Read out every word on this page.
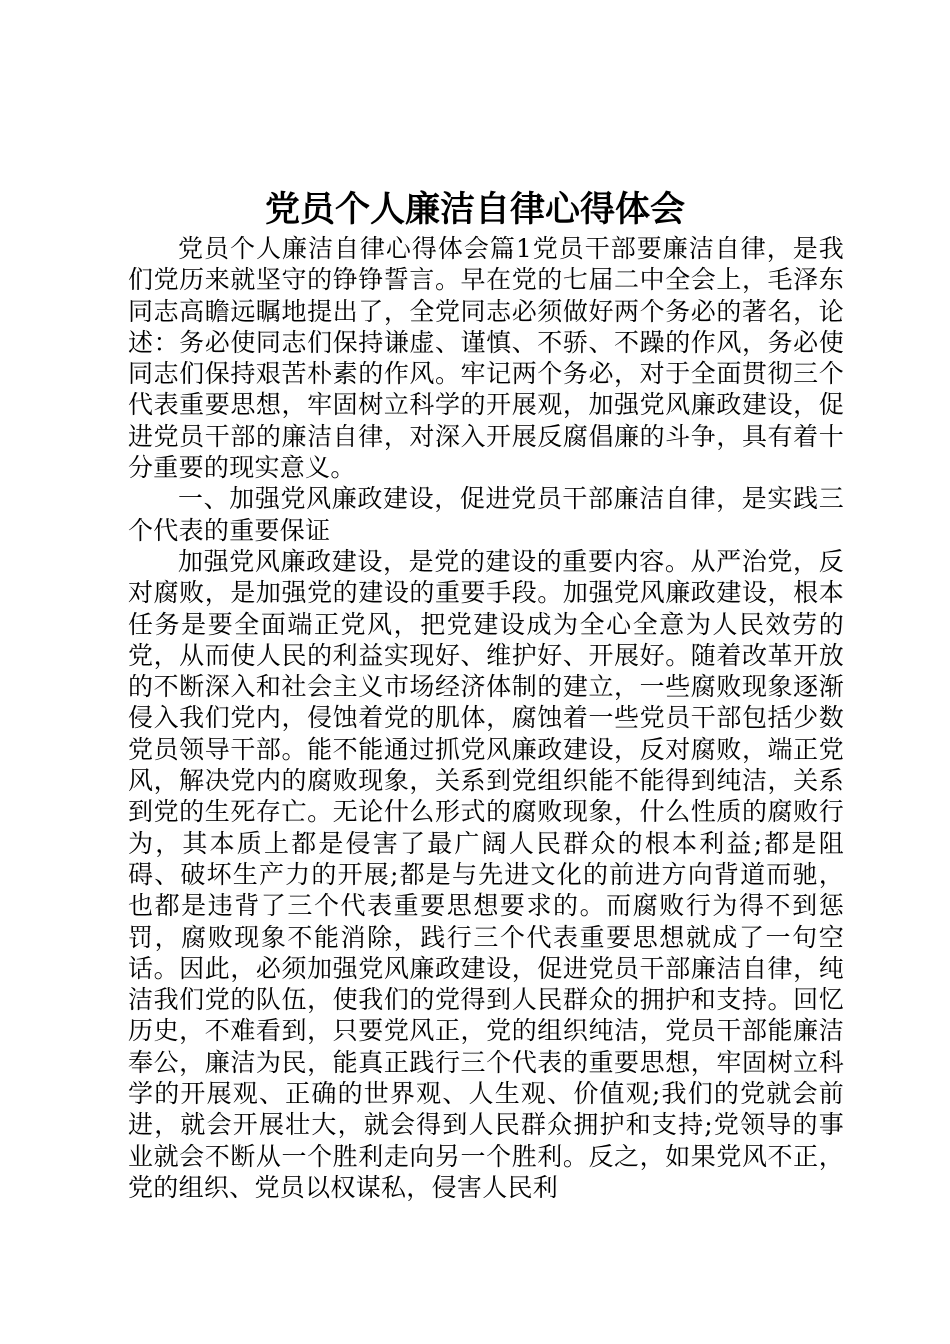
党员个人廉洁自律心得体会

党员个人廉洁自律心得体会篇1党员干部要廉洁自律，是我们党历来就坚守的铮铮誓言。早在党的七届二中全会上，毛泽东同志高瞻远瞩地提出了，全党同志必须做好两个务必的著名，论述：务必使同志们保持谦虚、谨慎、不骄、不躁的作风，务必使同志们保持艰苦朴素的作风。牢记两个务必，对于全面贯彻三个代表重要思想，牢固树立科学的开展观，加强党风廉政建设，促进党员干部的廉洁自律，对深入开展反腐倡廉的斗争，具有着十分重要的现实意义。

一、加强党风廉政建设，促进党员干部廉洁自律，是实践三个代表的重要保证

加强党风廉政建设，是党的建设的重要内容。从严治党，反对腐败，是加强党的建设的重要手段。加强党风廉政建设，根本任务是要全面端正党风，把党建设成为全心全意为人民效劳的党，从而使人民的利益实现好、维护好、开展好。随着改革开放的不断深入和社会主义市场经济体制的建立，一些腐败现象逐渐侵入我们党内，侵蚀着党的肌体，腐蚀着一些党员干部包括少数党员领导干部。能不能通过抓党风廉政建设，反对腐败，端正党风，解决党内的腐败现象，关系到党组织能不能得到纯洁，关系到党的生死存亡。无论什么形式的腐败现象，什么性质的腐败行为，其本质上都是侵害了最广阔人民群众的根本利益;都是阻碍、破坏生产力的开展;都是与先进文化的前进方向背道而驰，也都是违背了三个代表重要思想要求的。而腐败行为得不到惩罚，腐败现象不能消除，践行三个代表重要思想就成了一句空话。因此，必须加强党风廉政建设，促进党员干部廉洁自律，纯洁我们党的队伍，使我们的党得到人民群众的拥护和支持。回忆历史，不难看到，只要党风正，党的组织纯洁，党员干部能廉洁奉公，廉洁为民，能真正践行三个代表的重要思想，牢固树立科学的开展观、正确的世界观、人生观、价值观;我们的党就会前进，就会开展壮大，就会得到人民群众拥护和支持;党领导的事业就会不断从一个胜利走向另一个胜利。反之，如果党风不正，党的组织、党员以权谋私，侵害人民利
